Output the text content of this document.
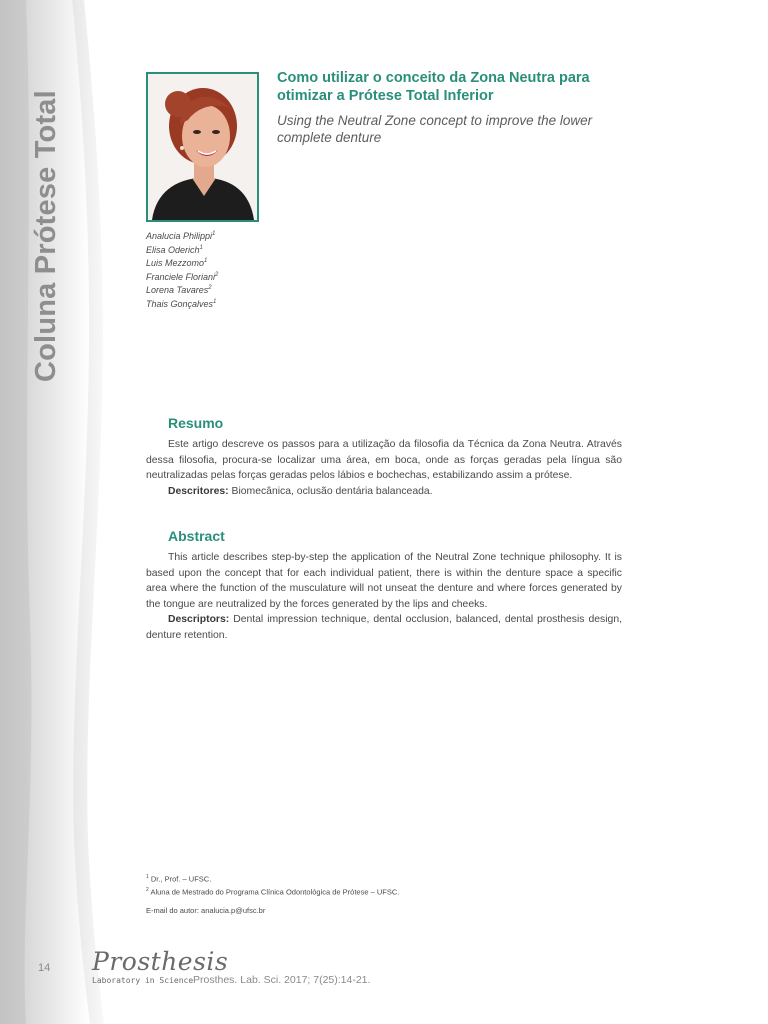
Coluna Prótese Total
Como utilizar o conceito da Zona Neutra para otimizar a Prótese Total Inferior
Using the Neutral Zone concept to improve the lower complete denture
Analucia Philippi$^1$
Elisa Oderich$^1$
Luis Mezzomo$^1$
Franciele Floriani$^2$
Lorena Tavares$^2$
Thais Gonçalves$^1$
Resumo

Este artigo descreve os passos para a utilização da filosofia da Técnica da Zona Neutra. Através dessa filosofia, procura-se localizar uma área, em boca, onde as forças geradas pela língua são neutralizadas pelas forças geradas pelos lábios e bochechas, estabilizando assim a prótese.

Descritores: Biomecânica, oclusão dentária balanceada.

Abstract

This article describes step-by-step the application of the Neutral Zone technique philosophy. It is based upon the concept that for each individual patient, there is within the denture space a specific area where the function of the musculature will not unseat the denture and where forces generated by the tongue are neutralized by the forces generated by the lips and cheeks.

Descriptors: Dental impression technique, dental occlusion, balanced, dental prosthesis design, denture retention.

$^1$ Dr., Prof. – UFSC.
$^2$ Aluna de Mestrado do Programa Clínica Odontológica de Prótese – UFSC.
E-mail do autor: analucia.p@ufsc.br
14 Prosthesis
Laboratory in Science Prosthes. Lab. Sci. 2017; 7(25):14-21.
